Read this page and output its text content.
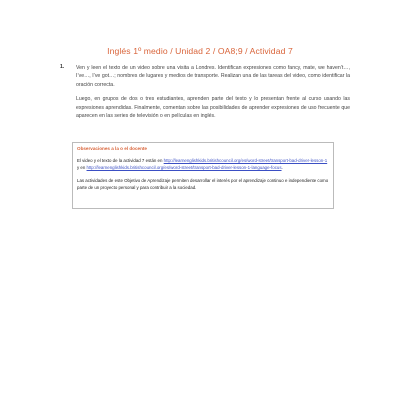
Inglés 1º medio / Unidad 2 / OA8;9 / Actividad 7
1. Ven y leen el texto de un video sobre una visita a Londres. Identifican expresiones como fancy, mate, we haven’t…, I’ve…, I’ve got…; nombres de lugares y medios de transporte. Realizan una de las tareas del video, como identificar la oración correcta.

Luego, en grupos de dos o tres estudiantes, aprenden parte del texto y lo presentan frente al curso usando las expresiones aprendidas. Finalmente, comentan sobre las posibilidades de aprender expresiones de uso frecuente que aparecen en las series de televisión o en películas en inglés.

Observaciones a la o el docente

El video y el texto de la actividad 7 están en http://learnenglishkids.britishcouncil.org/es/word-street/transport-bad-driver-lesson-1 y en http://learnenglishkids.britishcouncil.org/es/word-street/transport-bad-driver-lesson-1-language-focus.

Las actividades de este Objetivo de Aprendizaje permiten desarrollar el interés por el aprendizaje continuo e independiente como parte de un proyecto personal y para contribuir a la sociedad.
